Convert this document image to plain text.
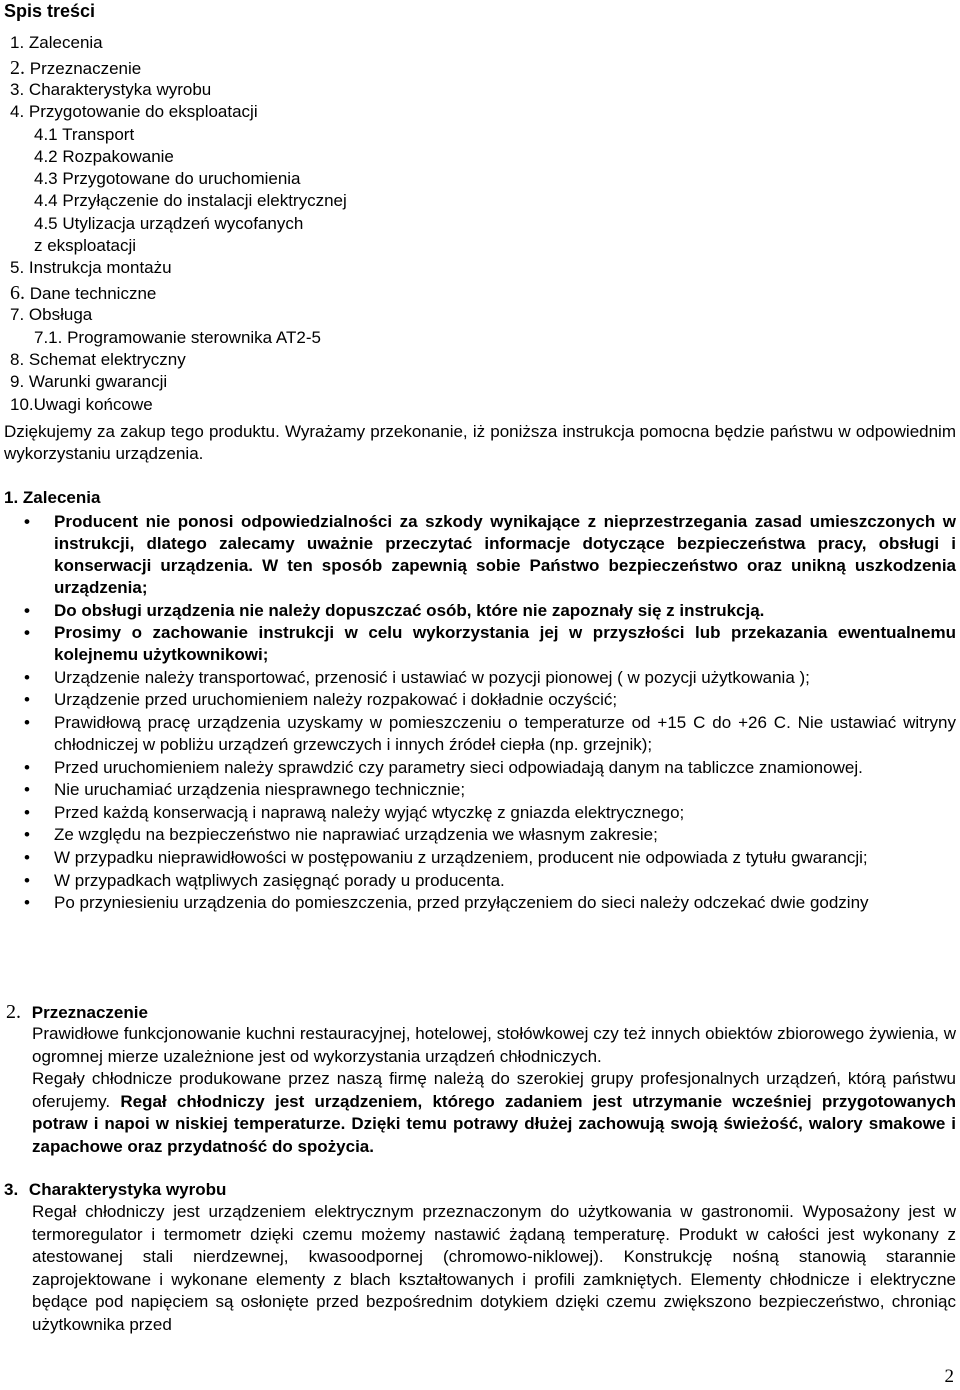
Spis treści
1. Zalecenia
2. Przeznaczenie
3. Charakterystyka wyrobu
4. Przygotowanie do eksploatacji
4.1 Transport
4.2 Rozpakowanie
4.3 Przygotowane do uruchomienia
4.4 Przyłączenie do instalacji elektrycznej
4.5 Utylizacja urządzeń wycofanych
z eksploatacji
5. Instrukcja montażu
6. Dane techniczne
7. Obsługa
7.1. Programowanie sterownika AT2-5
8. Schemat elektryczny
9. Warunki gwarancji
10.Uwagi końcowe
Dziękujemy za zakup tego produktu. Wyrażamy przekonanie, iż poniższa instrukcja pomocna będzie państwu w odpowiednim wykorzystaniu urządzenia.
1. Zalecenia
• Producent nie ponosi odpowiedzialności za szkody wynikające z nieprzestrzegania zasad umieszczonych w instrukcji, dlatego zalecamy uważnie przeczytać informacje dotyczące bezpieczeństwa pracy, obsługi i konserwacji urządzenia. W ten sposób zapewnią sobie Państwo bezpieczeństwo oraz unikną uszkodzenia urządzenia;
• Do obsługi urządzenia nie należy dopuszczać osób, które nie zapoznały się z instrukcją.
• Prosimy o zachowanie instrukcji w celu wykorzystania jej w przyszłości lub przekazania ewentualnemu kolejnemu użytkownikowi;
• Urządzenie należy transportować, przenosić i ustawiać w pozycji pionowej ( w pozycji użytkowania );
• Urządzenie przed uruchomieniem należy rozpakować i dokładnie oczyścić;
• Prawidłową pracę urządzenia uzyskamy w pomieszczeniu o temperaturze od +15 C do +26 C. Nie ustawiać witryny chłodniczej w pobliżu urządzeń grzewczych i innych źródeł ciepła (np. grzejnik);
• Przed uruchomieniem należy sprawdzić czy parametry sieci odpowiadają danym na tabliczce znamionowej.
• Nie uruchamiać urządzenia niesprawnego technicznie;
• Przed każdą konserwacją i naprawą należy wyjąć wtyczkę z gniazda elektrycznego;
• Ze względu na bezpieczeństwo nie naprawiać urządzenia we własnym zakresie;
• W przypadku nieprawidłowości w postępowaniu z urządzeniem, producent nie odpowiada z tytułu gwarancji;
• W przypadkach wątpliwych zasięgnąć porady u producenta.
• Po przyniesieniu urządzenia do pomieszczenia, przed przyłączeniem do sieci należy odczekać dwie godziny
2. Przeznaczenie

Prawidłowe funkcjonowanie kuchni restauracyjnej, hotelowej, stołówkowej czy też innych obiektów zbiorowego żywienia, w ogromnej mierze uzależnione jest od wykorzystania urządzeń chłodniczych.

Regały chłodnicze produkowane przez naszą firmę należą do szerokiej grupy profesjonalnych urządzeń, którą państwu oferujemy. Regał chłodniczy jest urządzeniem, którego zadaniem jest utrzymanie wcześniej przygotowanych potraw i napoi w niskiej temperaturze. Dzięki temu potrawy dłużej zachowują swoją świeżość, walory smakowe i zapachowe oraz przydatność do spożycia.

3. Charakterystyka wyrobu

Regał chłodniczy jest urządzeniem elektrycznym przeznaczonym do użytkowania w gastronomii. Wyposażony jest w termoregulator i termometr dzięki czemu możemy nastawić żądaną temperaturę. Produkt w całości jest wykonany z atestowanej stali nierdzewnej, kwasoodpornej (chromowo-niklowej). Konstrukcję nośną stanowią starannie zaprojektowane i wykonane elementy z blach kształtowanych i profili zamkniętych. Elementy chłodnicze i elektryczne będące pod napięciem są osłonięte przed bezpośrednim dotykiem dzięki czemu zwiększono bezpieczeństwo, chroniąc użytkownika przed

2
